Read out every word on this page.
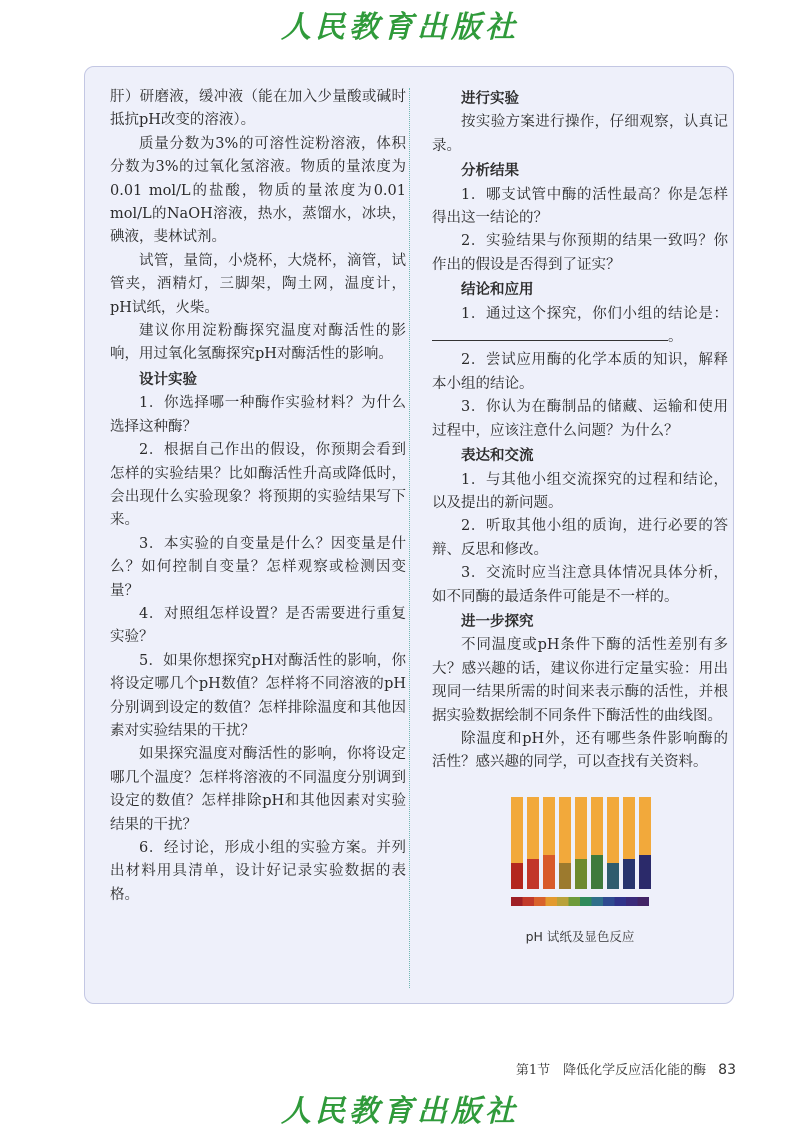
人民教育出版社

肝）研磨液，缓冲液（能在加入少量酸或碱时抵抗pH改变的溶液）。

质量分数为3%的可溶性淀粉溶液，体积分数为3%的过氧化氢溶液。物质的量浓度为0.01 mol/L的盐酸，物质的量浓度为0.01 mol/L的NaOH溶液，热水，蒸馏水，冰块，碘液，斐林试剂。

试管，量筒，小烧杯，大烧杯，滴管，试管夹，酒精灯，三脚架，陶土网，温度计，pH试纸，火柴。

建议你用淀粉酶探究温度对酶活性的影响，用过氧化氢酶探究pH对酶活性的影响。

设计实验

1．你选择哪一种酶作实验材料？为什么选择这种酶？

2．根据自己作出的假设，你预期会看到怎样的实验结果？比如酶活性升高或降低时，会出现什么实验现象？将预期的实验结果写下来。

3．本实验的自变量是什么？因变量是什么？如何控制自变量？怎样观察或检测因变量？

4．对照组怎样设置？是否需要进行重复实验？

5．如果你想探究pH对酶活性的影响，你将设定哪几个pH数值？怎样将不同溶液的pH分别调到设定的数值？怎样排除温度和其他因素对实验结果的干扰？

如果探究温度对酶活性的影响，你将设定哪几个温度？怎样将溶液的不同温度分别调到设定的数值？怎样排除pH和其他因素对实验结果的干扰？

6．经讨论，形成小组的实验方案。并列出材料用具清单，设计好记录实验数据的表格。

进行实验

按实验方案进行操作，仔细观察，认真记录。

分析结果

1．哪支试管中酶的活性最高？你是怎样得出这一结论的？

2．实验结果与你预期的结果一致吗？你作出的假设是否得到了证实？

结论和应用

1．通过这个探究，你们小组的结论是：。

2．尝试应用酶的化学本质的知识，解释本小组的结论。

3．你认为在酶制品的储藏、运输和使用过程中，应该注意什么问题？为什么？

表达和交流

1．与其他小组交流探究的过程和结论，以及提出的新问题。

2．听取其他小组的质询，进行必要的答辩、反思和修改。

3．交流时应当注意具体情况具体分析，如不同酶的最适条件可能是不一样的。

进一步探究

不同温度或pH条件下酶的活性差别有多大？感兴趣的话，建议你进行定量实验：用出现同一结果所需的时间来表示酶的活性，并根据实验数据绘制不同条件下酶活性的曲线图。

除温度和pH外，还有哪些条件影响酶的活性？感兴趣的同学，可以查找有关资料。

pH 试纸及显色反应
第1节　降低化学反应活化能的酶 83
人民教育出版社
